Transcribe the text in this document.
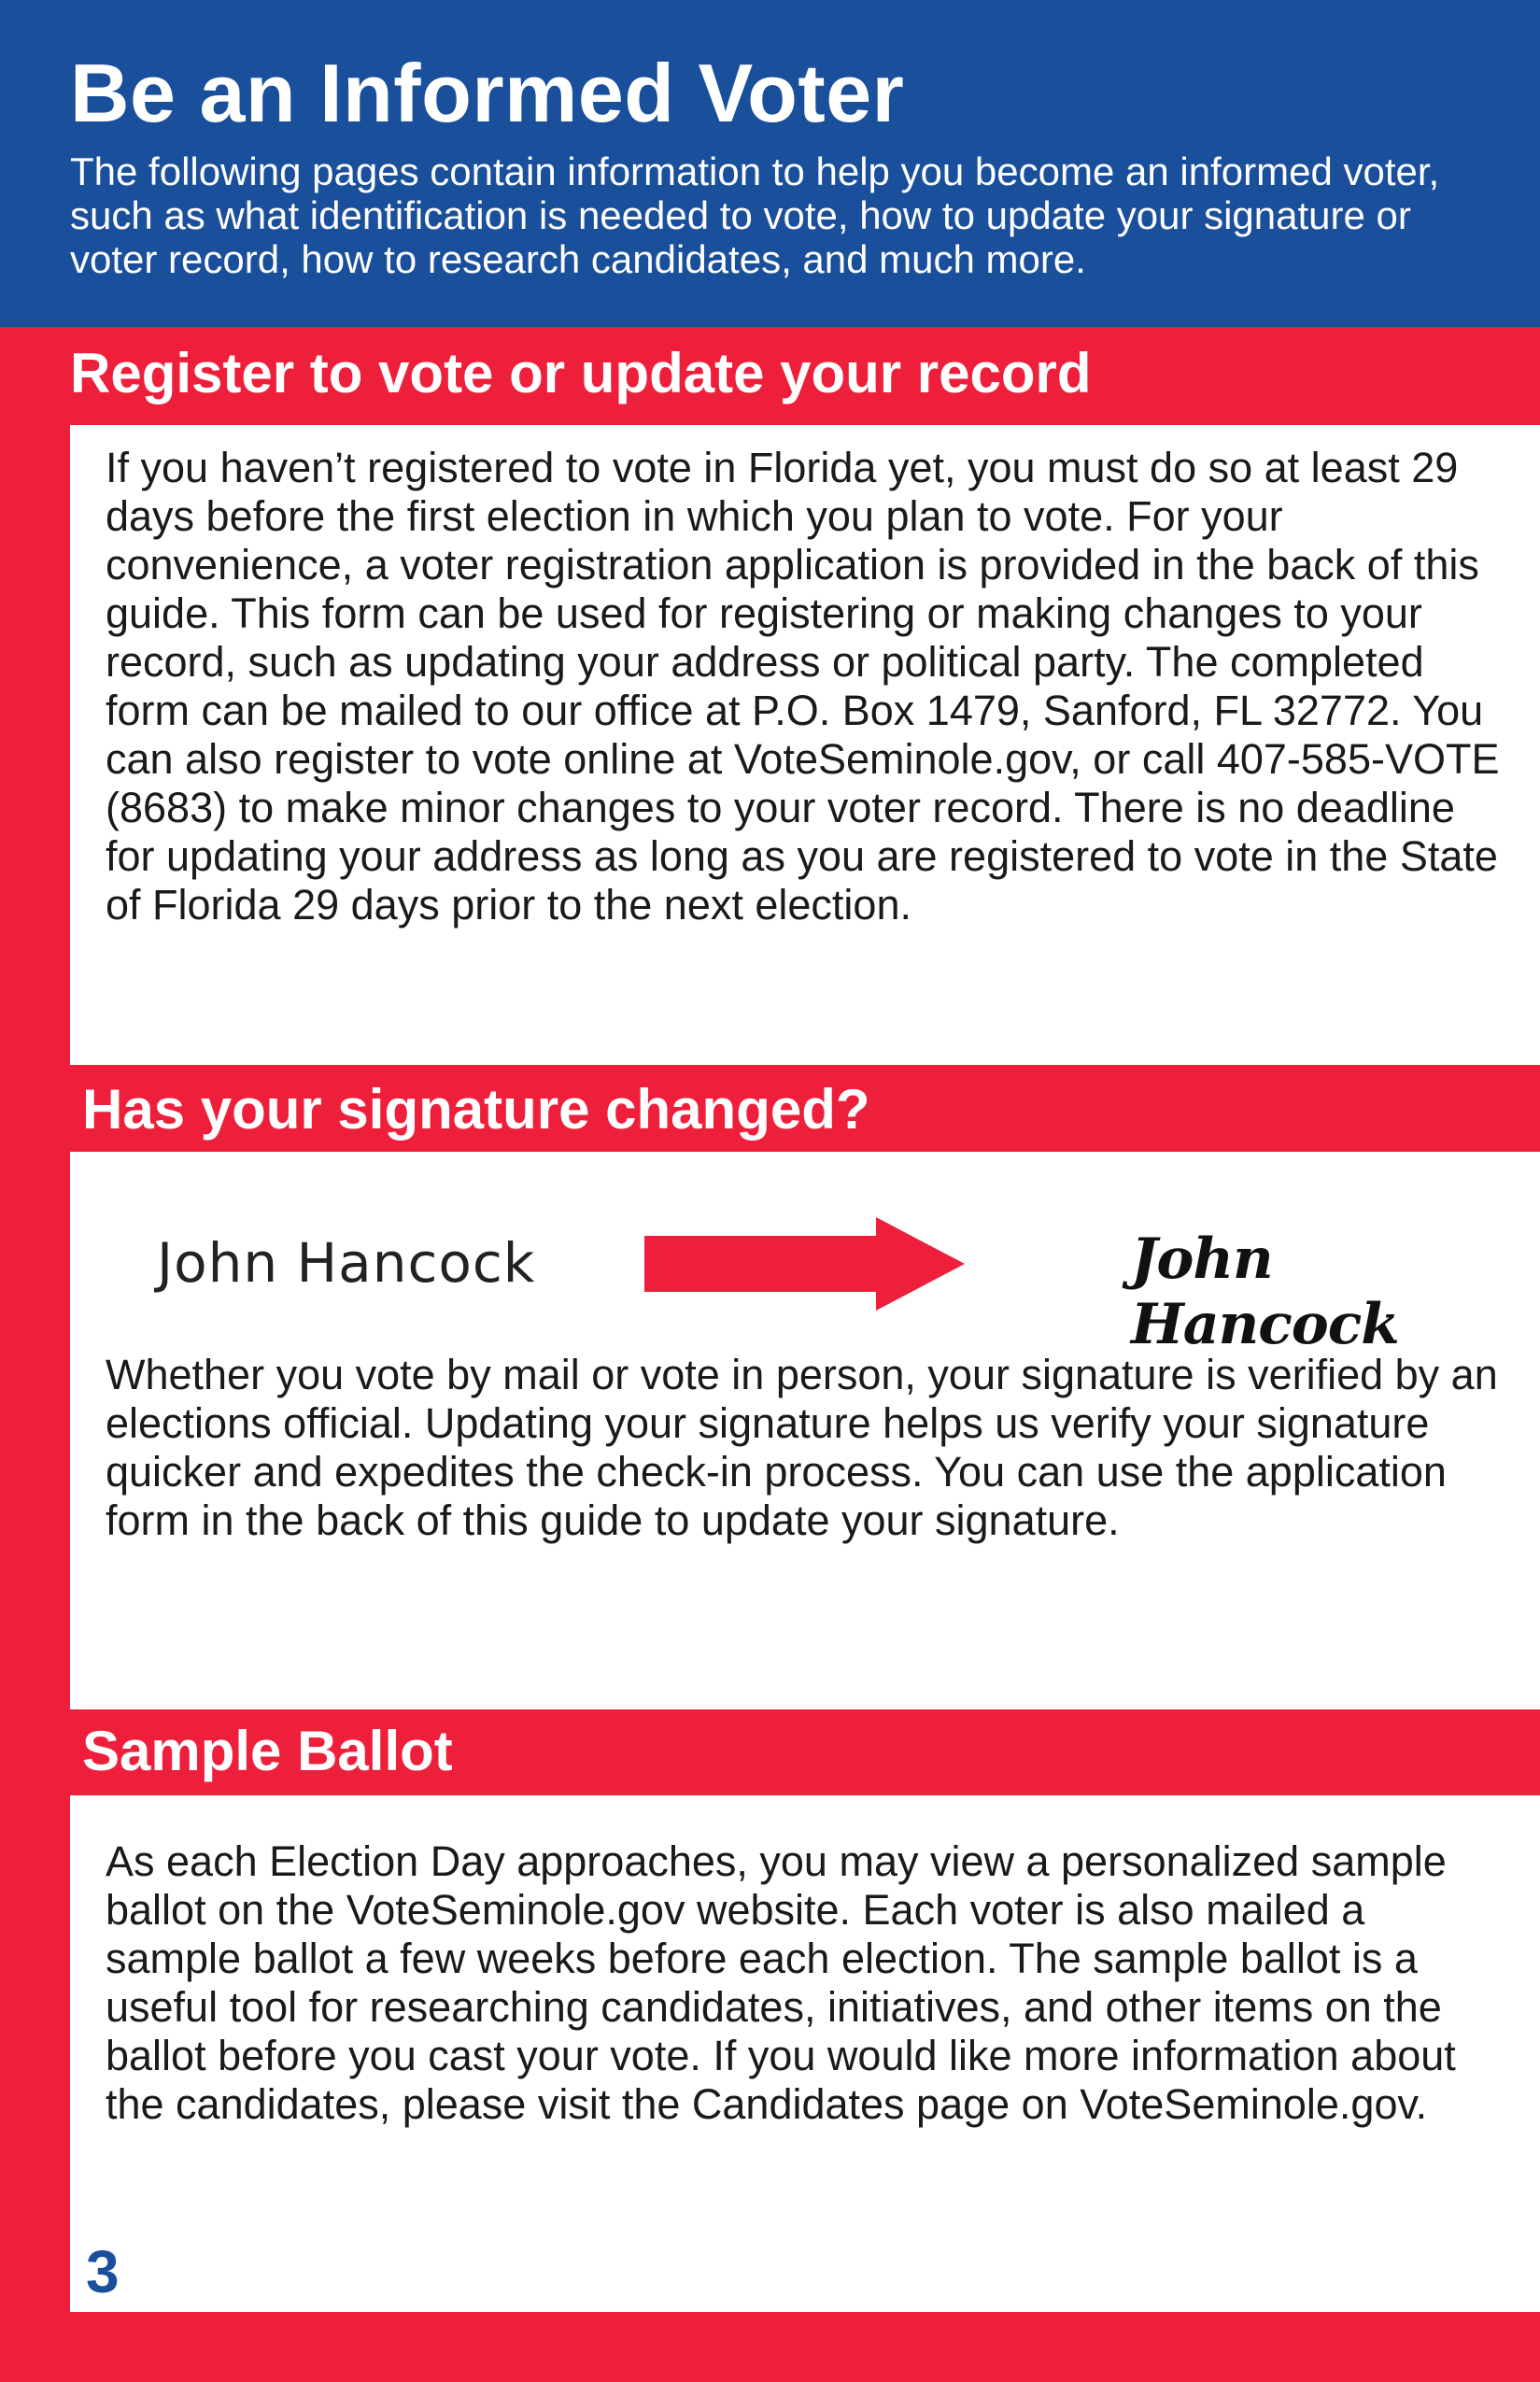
Be an Informed Voter
The following pages contain information to help you become an informed voter, such as what identification is needed to vote, how to update your signature or voter record, how to research candidates, and much more.
Register to vote or update your record

If you haven’t registered to vote in Florida yet, you must do so at least 29 days before the first election in which you plan to vote. For your convenience, a voter registration application is provided in the back of this guide. This form can be used for registering or making changes to your record, such as updating your address or political party. The completed form can be mailed to our office at P.O. Box 1479, Sanford, FL 32772. You can also register to vote online at VoteSeminole.gov, or call 407-585-VOTE (8683) to make minor changes to your voter record. There is no deadline for updating your address as long as you are registered to vote in the State of Florida 29 days prior to the next election.

Has your signature changed?
John Hancock	John Hancock

Whether you vote by mail or vote in person, your signature is verified by an elections official. Updating your signature helps us verify your signature quicker and expedites the check-in process. You can use the application form in the back of this guide to update your signature.

Sample Ballot

As each Election Day approaches, you may view a personalized sample ballot on the VoteSeminole.gov website. Each voter is also mailed a sample ballot a few weeks before each election. The sample ballot is a useful tool for researching candidates, initiatives, and other items on the ballot before you cast your vote. If you would like more information about the candidates, please visit the Candidates page on VoteSeminole.gov.

3
